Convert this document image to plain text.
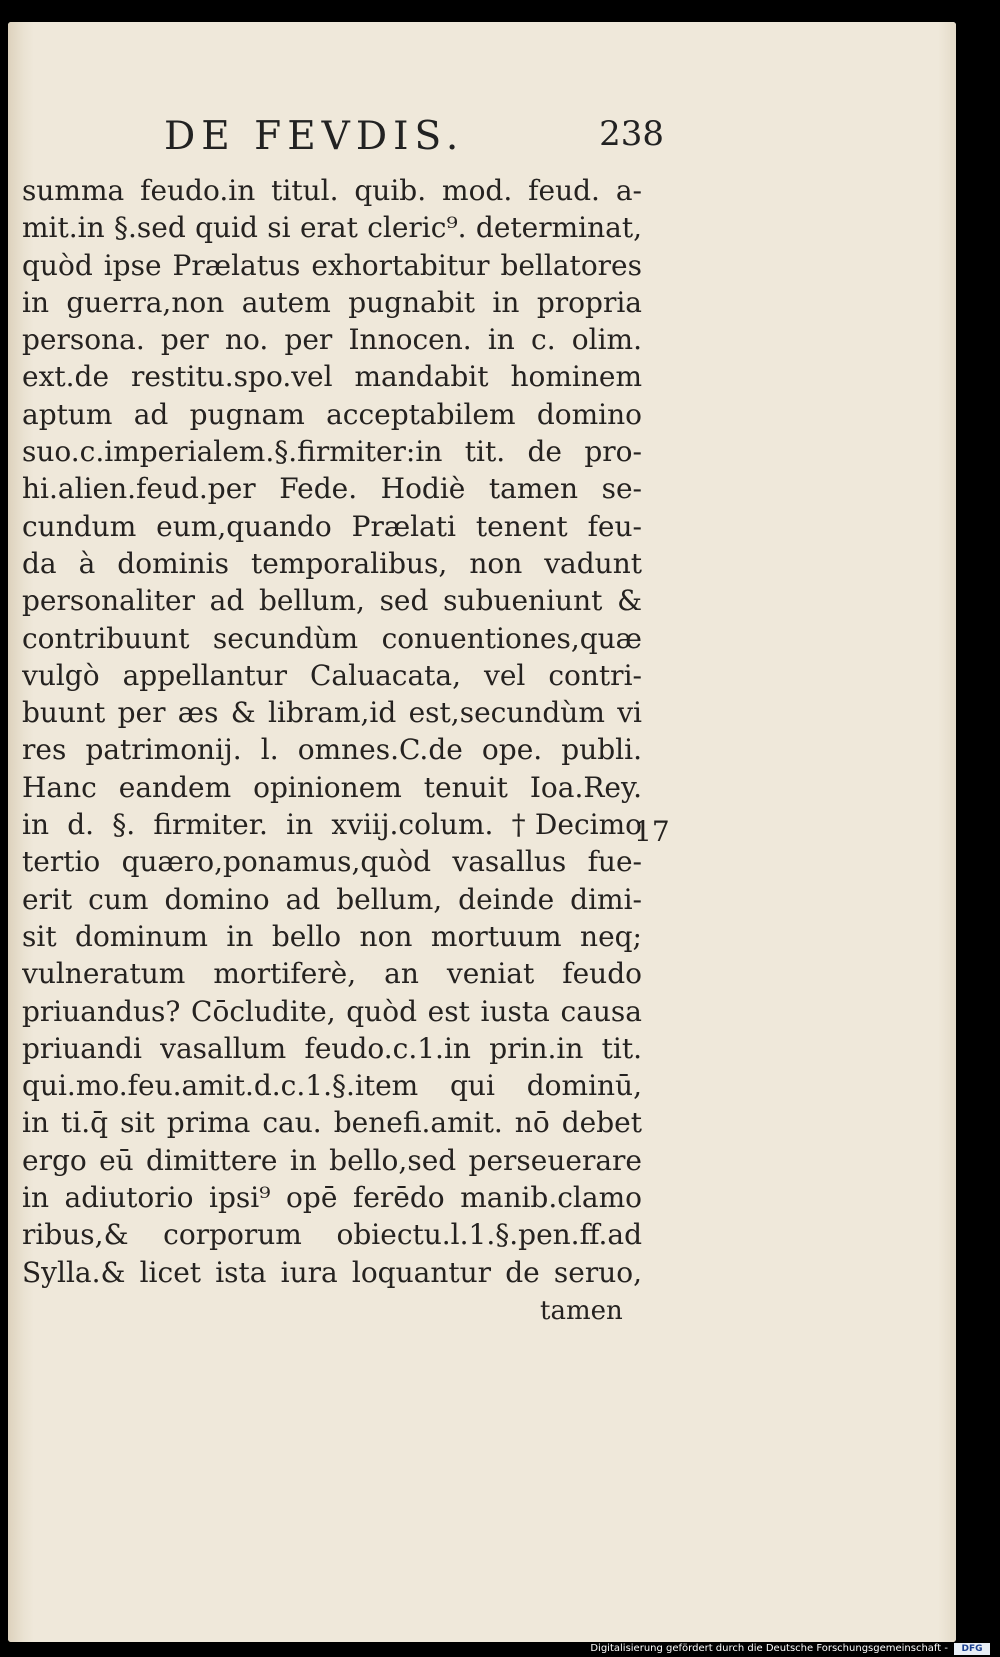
DE FEVDIS.	238
summa feudo.in titul. quib. mod. feud. a-
mit.in §.sed quid si erat cleric⁹. determinat,
quòd ipse Prælatus exhortabitur bellatores
in guerra,non autem pugnabit in propria
persona. per no. per Innocen. in c. olim.
ext.de restitu.spo.vel mandabit hominem
aptum ad pugnam acceptabilem domino
suo.c.imperialem.§.firmiter:in tit. de pro-
hi.alien.feud.per Fede. Hodiè tamen se-
cundum eum,quando Prælati tenent feu-
da à dominis temporalibus, non vadunt
personaliter ad bellum, sed subueniunt &
contribuunt secundùm conuentiones,quæ
vulgò appellantur Caluacata, vel contri-
buunt per æs & libram,id est,secundùm vi
res patrimonij. l. omnes.C.de ope. publi.
Hanc eandem opinionem tenuit Ioa.Rey.
in d. §. firmiter. in xviij.colum. †Decimo
tertio quæro,ponamus,quòd vasallus fue-
erit cum domino ad bellum, deinde dimi-
sit dominum in bello non mortuum neq;
vulneratum mortiferè, an veniat feudo
priuandus? Cōcludite, quòd est iusta causa
priuandi vasallum feudo.c.1.in prin.in tit.
qui.mo.feu.amit.d.c.1.§.item qui dominū,
in ti.q̄ sit prima cau. benefi.amit. nō debet
ergo eū dimittere in bello,sed perseuerare
in adiutorio ipsi⁹ opē ferēdo manib.clamo
ribus,& corporum obiectu.l.1.§.pen.ff.ad
Sylla.& licet ista iura loquantur de seruo,
17
tamen
Digitalisierung gefördert durch die Deutsche Forschungsgemeinschaft -	DFG
